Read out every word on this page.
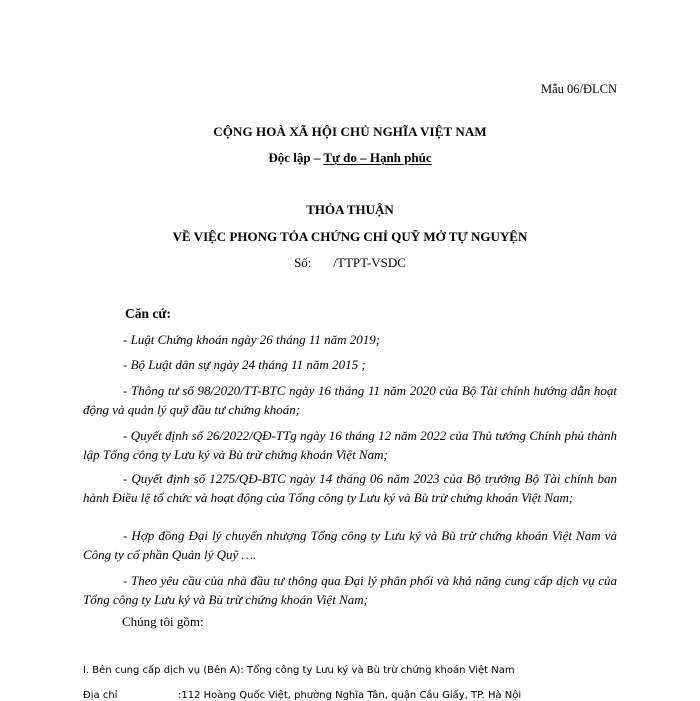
Mẫu 06/ĐLCN
CỘNG HOÀ XÃ HỘI CHỦ NGHĨA VIỆT NAM
Độc lập – Tự do – Hạnh phúc
THỎA THUẬN
VỀ VIỆC PHONG TỎA CHỨNG CHỈ QUỸ MỞ TỰ NGUYỆN
Số: /TTPT-VSDC
Căn cứ:
- Luật Chứng khoán ngày 26 tháng 11 năm 2019;
- Bộ Luật dân sự ngày 24 tháng 11 năm 2015 ;
- Thông tư số 98/2020/TT-BTC ngày 16 tháng 11 năm 2020 của Bộ Tài chính hướng dẫn hoạt động và quản lý quỹ đầu tư chứng khoán;
- Quyết định số 26/2022/QĐ-TTg ngày 16 tháng 12 năm 2022 của Thủ tướng Chính phủ thành lập Tổng công ty Lưu ký và Bù trừ chứng khoán Việt Nam;
- Quyết định số 1275/QĐ-BTC ngày 14 tháng 06 năm 2023 của Bộ trưởng Bộ Tài chính ban hành Điều lệ tổ chức và hoạt động của Tổng công ty Lưu ký và Bù trừ chứng khoán Việt Nam;
- Hợp đồng Đại lý chuyển nhượng Tổng công ty Lưu ký và Bù trừ chứng khoán Việt Nam và Công ty cổ phần Quản lý Quỹ ….
- Theo yêu cầu của nhà đầu tư thông qua Đại lý phân phối và khả năng cung cấp dịch vụ của Tổng công ty Lưu ký và Bù trừ chứng khoán Việt Nam;
Chúng tôi gồm:
I. Bên cung cấp dịch vụ (Bên A): Tổng công ty Lưu ký và Bù trừ chứng khoán Việt Nam
Địa chỉ	:112 Hoàng Quốc Việt, phường Nghĩa Tân, quận Cầu Giấy, TP. Hà Nội
